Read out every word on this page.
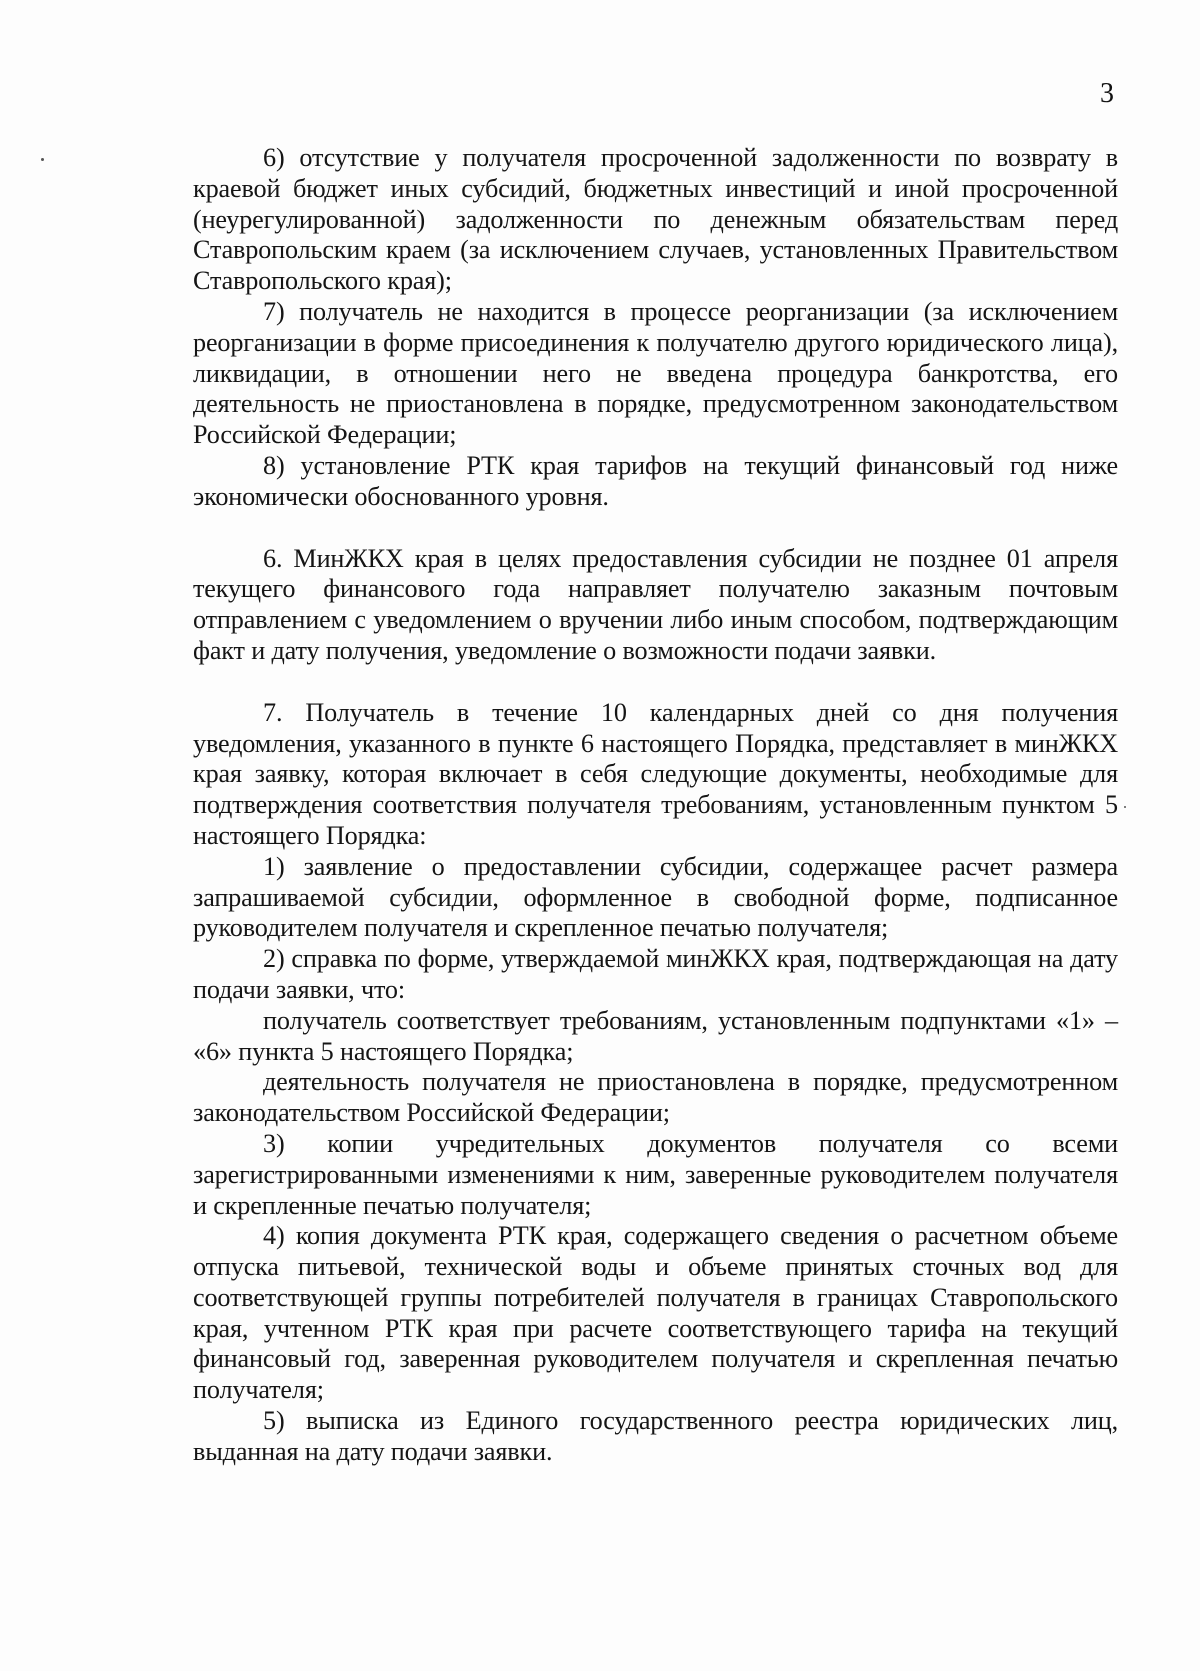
3

6) отсутствие у получателя просроченной задолженности по возврату в краевой бюджет иных субсидий, бюджетных инвестиций и иной просроченной (неурегулированной) задолженности по денежным обязательствам перед Ставропольским краем (за исключением случаев, установленных Правительством Ставропольского края);

7) получатель не находится в процессе реорганизации (за исключением реорганизации в форме присоединения к получателю другого юридического лица), ликвидации, в отношении него не введена процедура банкротства, его деятельность не приостановлена в порядке, предусмотренном законодательством Российской Федерации;

8) установление РТК края тарифов на текущий финансовый год ниже экономически обоснованного уровня.

6. МинЖКХ края в целях предоставления субсидии не позднее 01 апреля текущего финансового года направляет получателю заказным почтовым отправлением с уведомлением о вручении либо иным способом, подтверждающим факт и дату получения, уведомление о возможности подачи заявки.

7. Получатель в течение 10 календарных дней со дня получения уведомления, указанного в пункте 6 настоящего Порядка, представляет в минЖКХ края заявку, которая включает в себя следующие документы, необходимые для подтверждения соответствия получателя требованиям, установленным пунктом 5 настоящего Порядка:

1) заявление о предоставлении субсидии, содержащее расчет размера запрашиваемой субсидии, оформленное в свободной форме, подписанное руководителем получателя и скрепленное печатью получателя;

2) справка по форме, утверждаемой минЖКХ края, подтверждающая на дату подачи заявки, что:

получатель соответствует требованиям, установленным подпунктами «1» – «6» пункта 5 настоящего Порядка;

деятельность получателя не приостановлена в порядке, предусмотренном законодательством Российской Федерации;

3) копии учредительных документов получателя со всеми зарегистрированными изменениями к ним, заверенные руководителем получателя и скрепленные печатью получателя;

4) копия документа РТК края, содержащего сведения о расчетном объеме отпуска питьевой, технической воды и объеме принятых сточных вод для соответствующей группы потребителей получателя в границах Ставропольского края, учтенном РТК края при расчете соответствующего тарифа на текущий финансовый год, заверенная руководителем получателя и скрепленная печатью получателя;

5) выписка из Единого государственного реестра юридических лиц, выданная на дату подачи заявки.
